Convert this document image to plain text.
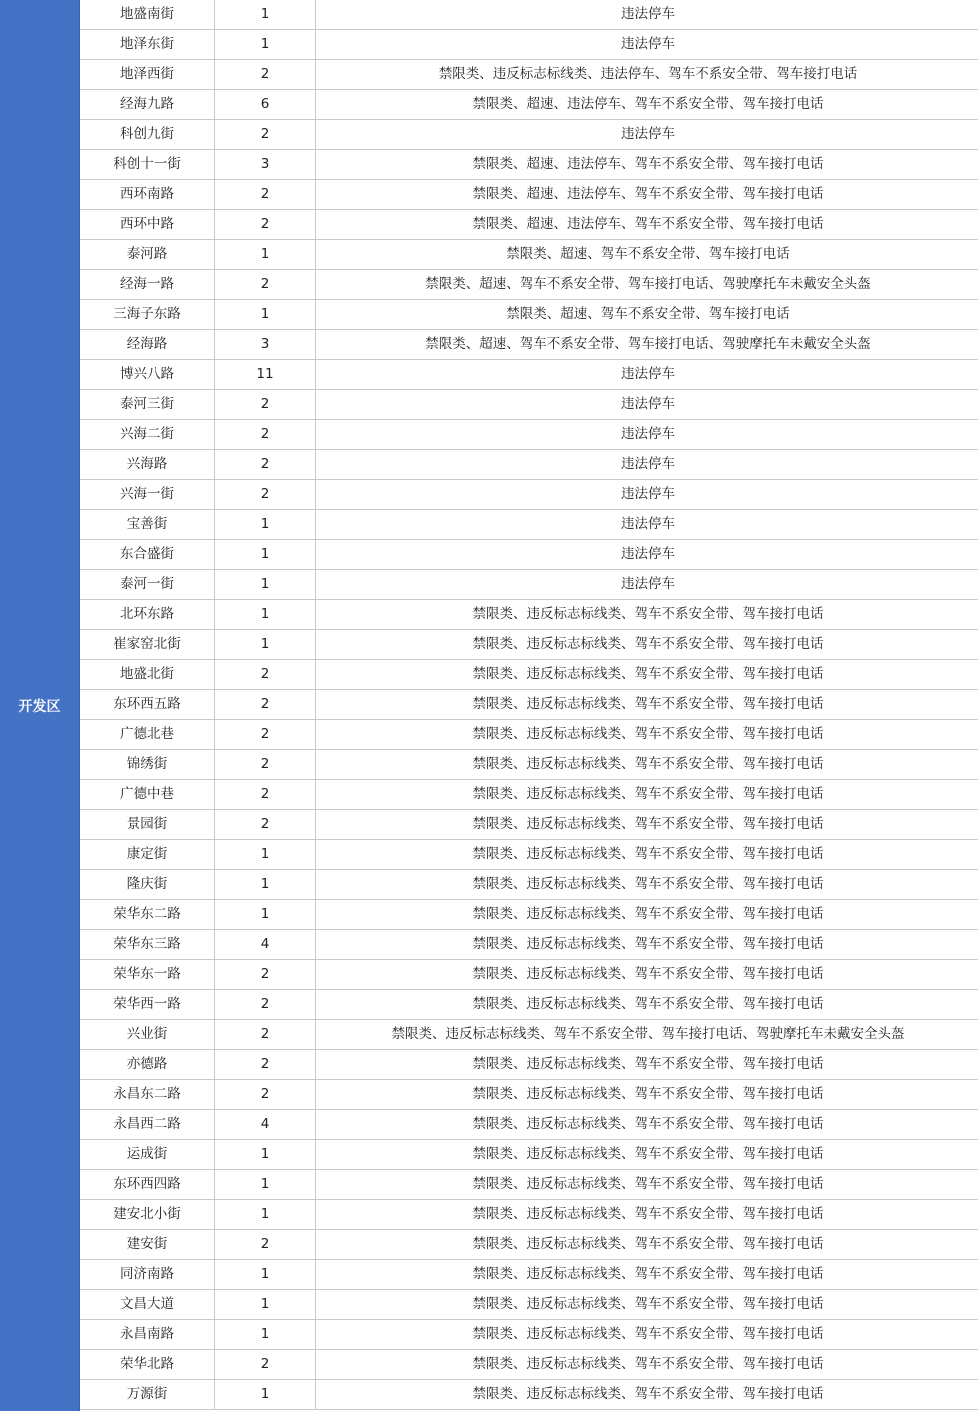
开发区
地盛南街	1	违法停车
地泽东街	1	违法停车
地泽西街	2	禁限类、违反标志标线类、违法停车、驾车不系安全带、驾车接打电话
经海九路	6	禁限类、超速、违法停车、驾车不系安全带、驾车接打电话
科创九街	2	违法停车
科创十一街	3	禁限类、超速、违法停车、驾车不系安全带、驾车接打电话
西环南路	2	禁限类、超速、违法停车、驾车不系安全带、驾车接打电话
西环中路	2	禁限类、超速、违法停车、驾车不系安全带、驾车接打电话
泰河路	1	禁限类、超速、驾车不系安全带、驾车接打电话
经海一路	2	禁限类、超速、驾车不系安全带、驾车接打电话、驾驶摩托车未戴安全头盔
三海子东路	1	禁限类、超速、驾车不系安全带、驾车接打电话
经海路	3	禁限类、超速、驾车不系安全带、驾车接打电话、驾驶摩托车未戴安全头盔
博兴八路	11	违法停车
泰河三街	2	违法停车
兴海二街	2	违法停车
兴海路	2	违法停车
兴海一街	2	违法停车
宝善街	1	违法停车
东合盛街	1	违法停车
泰河一街	1	违法停车
北环东路	1	禁限类、违反标志标线类、驾车不系安全带、驾车接打电话
崔家窑北街	1	禁限类、违反标志标线类、驾车不系安全带、驾车接打电话
地盛北街	2	禁限类、违反标志标线类、驾车不系安全带、驾车接打电话
东环西五路	2	禁限类、违反标志标线类、驾车不系安全带、驾车接打电话
广德北巷	2	禁限类、违反标志标线类、驾车不系安全带、驾车接打电话
锦绣街	2	禁限类、违反标志标线类、驾车不系安全带、驾车接打电话
广德中巷	2	禁限类、违反标志标线类、驾车不系安全带、驾车接打电话
景园街	2	禁限类、违反标志标线类、驾车不系安全带、驾车接打电话
康定街	1	禁限类、违反标志标线类、驾车不系安全带、驾车接打电话
隆庆街	1	禁限类、违反标志标线类、驾车不系安全带、驾车接打电话
荣华东二路	1	禁限类、违反标志标线类、驾车不系安全带、驾车接打电话
荣华东三路	4	禁限类、违反标志标线类、驾车不系安全带、驾车接打电话
荣华东一路	2	禁限类、违反标志标线类、驾车不系安全带、驾车接打电话
荣华西一路	2	禁限类、违反标志标线类、驾车不系安全带、驾车接打电话
兴业街	2	禁限类、违反标志标线类、驾车不系安全带、驾车接打电话、驾驶摩托车未戴安全头盔
亦德路	2	禁限类、违反标志标线类、驾车不系安全带、驾车接打电话
永昌东二路	2	禁限类、违反标志标线类、驾车不系安全带、驾车接打电话
永昌西二路	4	禁限类、违反标志标线类、驾车不系安全带、驾车接打电话
运成街	1	禁限类、违反标志标线类、驾车不系安全带、驾车接打电话
东环西四路	1	禁限类、违反标志标线类、驾车不系安全带、驾车接打电话
建安北小街	1	禁限类、违反标志标线类、驾车不系安全带、驾车接打电话
建安街	2	禁限类、违反标志标线类、驾车不系安全带、驾车接打电话
同济南路	1	禁限类、违反标志标线类、驾车不系安全带、驾车接打电话
文昌大道	1	禁限类、违反标志标线类、驾车不系安全带、驾车接打电话
永昌南路	1	禁限类、违反标志标线类、驾车不系安全带、驾车接打电话
荣华北路	2	禁限类、违反标志标线类、驾车不系安全带、驾车接打电话
万源街	1	禁限类、违反标志标线类、驾车不系安全带、驾车接打电话
